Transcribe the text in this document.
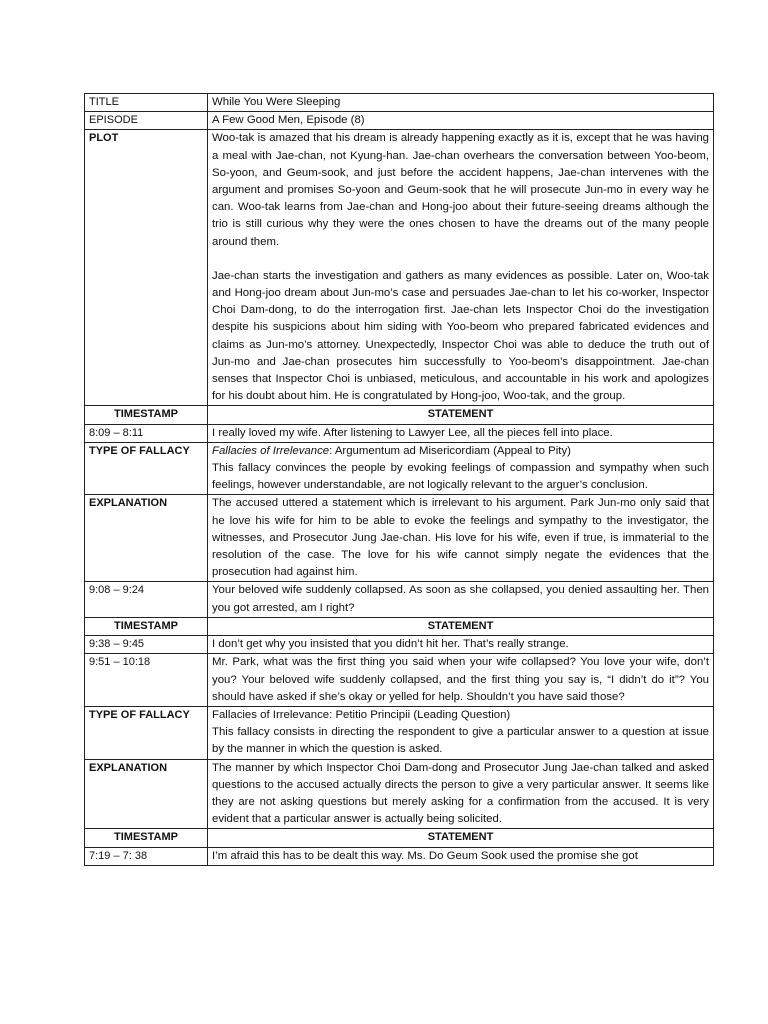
TITLE	While You Were Sleeping
EPISODE	A Few Good Men, Episode (8)
PLOT	Woo-tak is amazed that his dream is already happening exactly as it is, except that he was having a meal with Jae-chan, not Kyung-han. Jae-chan overhears the conversation between Yoo-beom, So-yoon, and Geum-sook, and just before the accident happens, Jae-chan intervenes with the argument and promises So-yoon and Geum-sook that he will prosecute Jun-mo in every way he can. Woo-tak learns from Jae-chan and Hong-joo about their future-seeing dreams although the trio is still curious why they were the ones chosen to have the dreams out of the many people around them.

Jae-chan starts the investigation and gathers as many evidences as possible. Later on, Woo-tak and Hong-joo dream about Jun-mo’s case and persuades Jae-chan to let his co-worker, Inspector Choi Dam-dong, to do the interrogation first. Jae-chan lets Inspector Choi do the investigation despite his suspicions about him siding with Yoo-beom who prepared fabricated evidences and claims as Jun-mo’s attorney. Unexpectedly, Inspector Choi was able to deduce the truth out of Jun-mo and Jae-chan prosecutes him successfully to Yoo-beom’s disappointment. Jae-chan senses that Inspector Choi is unbiased, meticulous, and accountable in his work and apologizes for his doubt about him. He is congratulated by Hong-joo, Woo-tak, and the group.

TIMESTAMP	STATEMENT
8:09 – 8:11	I really loved my wife. After listening to Lawyer Lee, all the pieces fell into place.
TYPE OF FALLACY	Fallacies of Irrelevance: Argumentum ad Misericordiam (Appeal to Pity)
This fallacy convinces the people by evoking feelings of compassion and sympathy when such feelings, however understandable, are not logically relevant to the arguer’s conclusion.

EXPLANATION	The accused uttered a statement which is irrelevant to his argument. Park Jun-mo only said that he love his wife for him to be able to evoke the feelings and sympathy to the investigator, the witnesses, and Prosecutor Jung Jae-chan. His love for his wife, even if true, is immaterial to the resolution of the case. The love for his wife cannot simply negate the evidences that the prosecution had against him.
9:08 – 9:24	Your beloved wife suddenly collapsed. As soon as she collapsed, you denied assaulting her. Then you got arrested, am I right?
TIMESTAMP	STATEMENT
9:38 – 9:45	I don’t get why you insisted that you didn’t hit her. That’s really strange.
9:51 – 10:18	Mr. Park, what was the first thing you said when your wife collapsed? You love your wife, don’t you? Your beloved wife suddenly collapsed, and the first thing you say is, “I didn’t do it”? You should have asked if she’s okay or yelled for help. Shouldn’t you have said those?
TYPE OF FALLACY	Fallacies of Irrelevance: Petitio Principii (Leading Question)
This fallacy consists in directing the respondent to give a particular answer to a question at issue by the manner in which the question is asked.

EXPLANATION	The manner by which Inspector Choi Dam-dong and Prosecutor Jung Jae-chan talked and asked questions to the accused actually directs the person to give a very particular answer. It seems like they are not asking questions but merely asking for a confirmation from the accused. It is very evident that a particular answer is actually being solicited.
TIMESTAMP	STATEMENT
7:19 – 7: 38	I’m afraid this has to be dealt this way. Ms. Do Geum Sook used the promise she got
